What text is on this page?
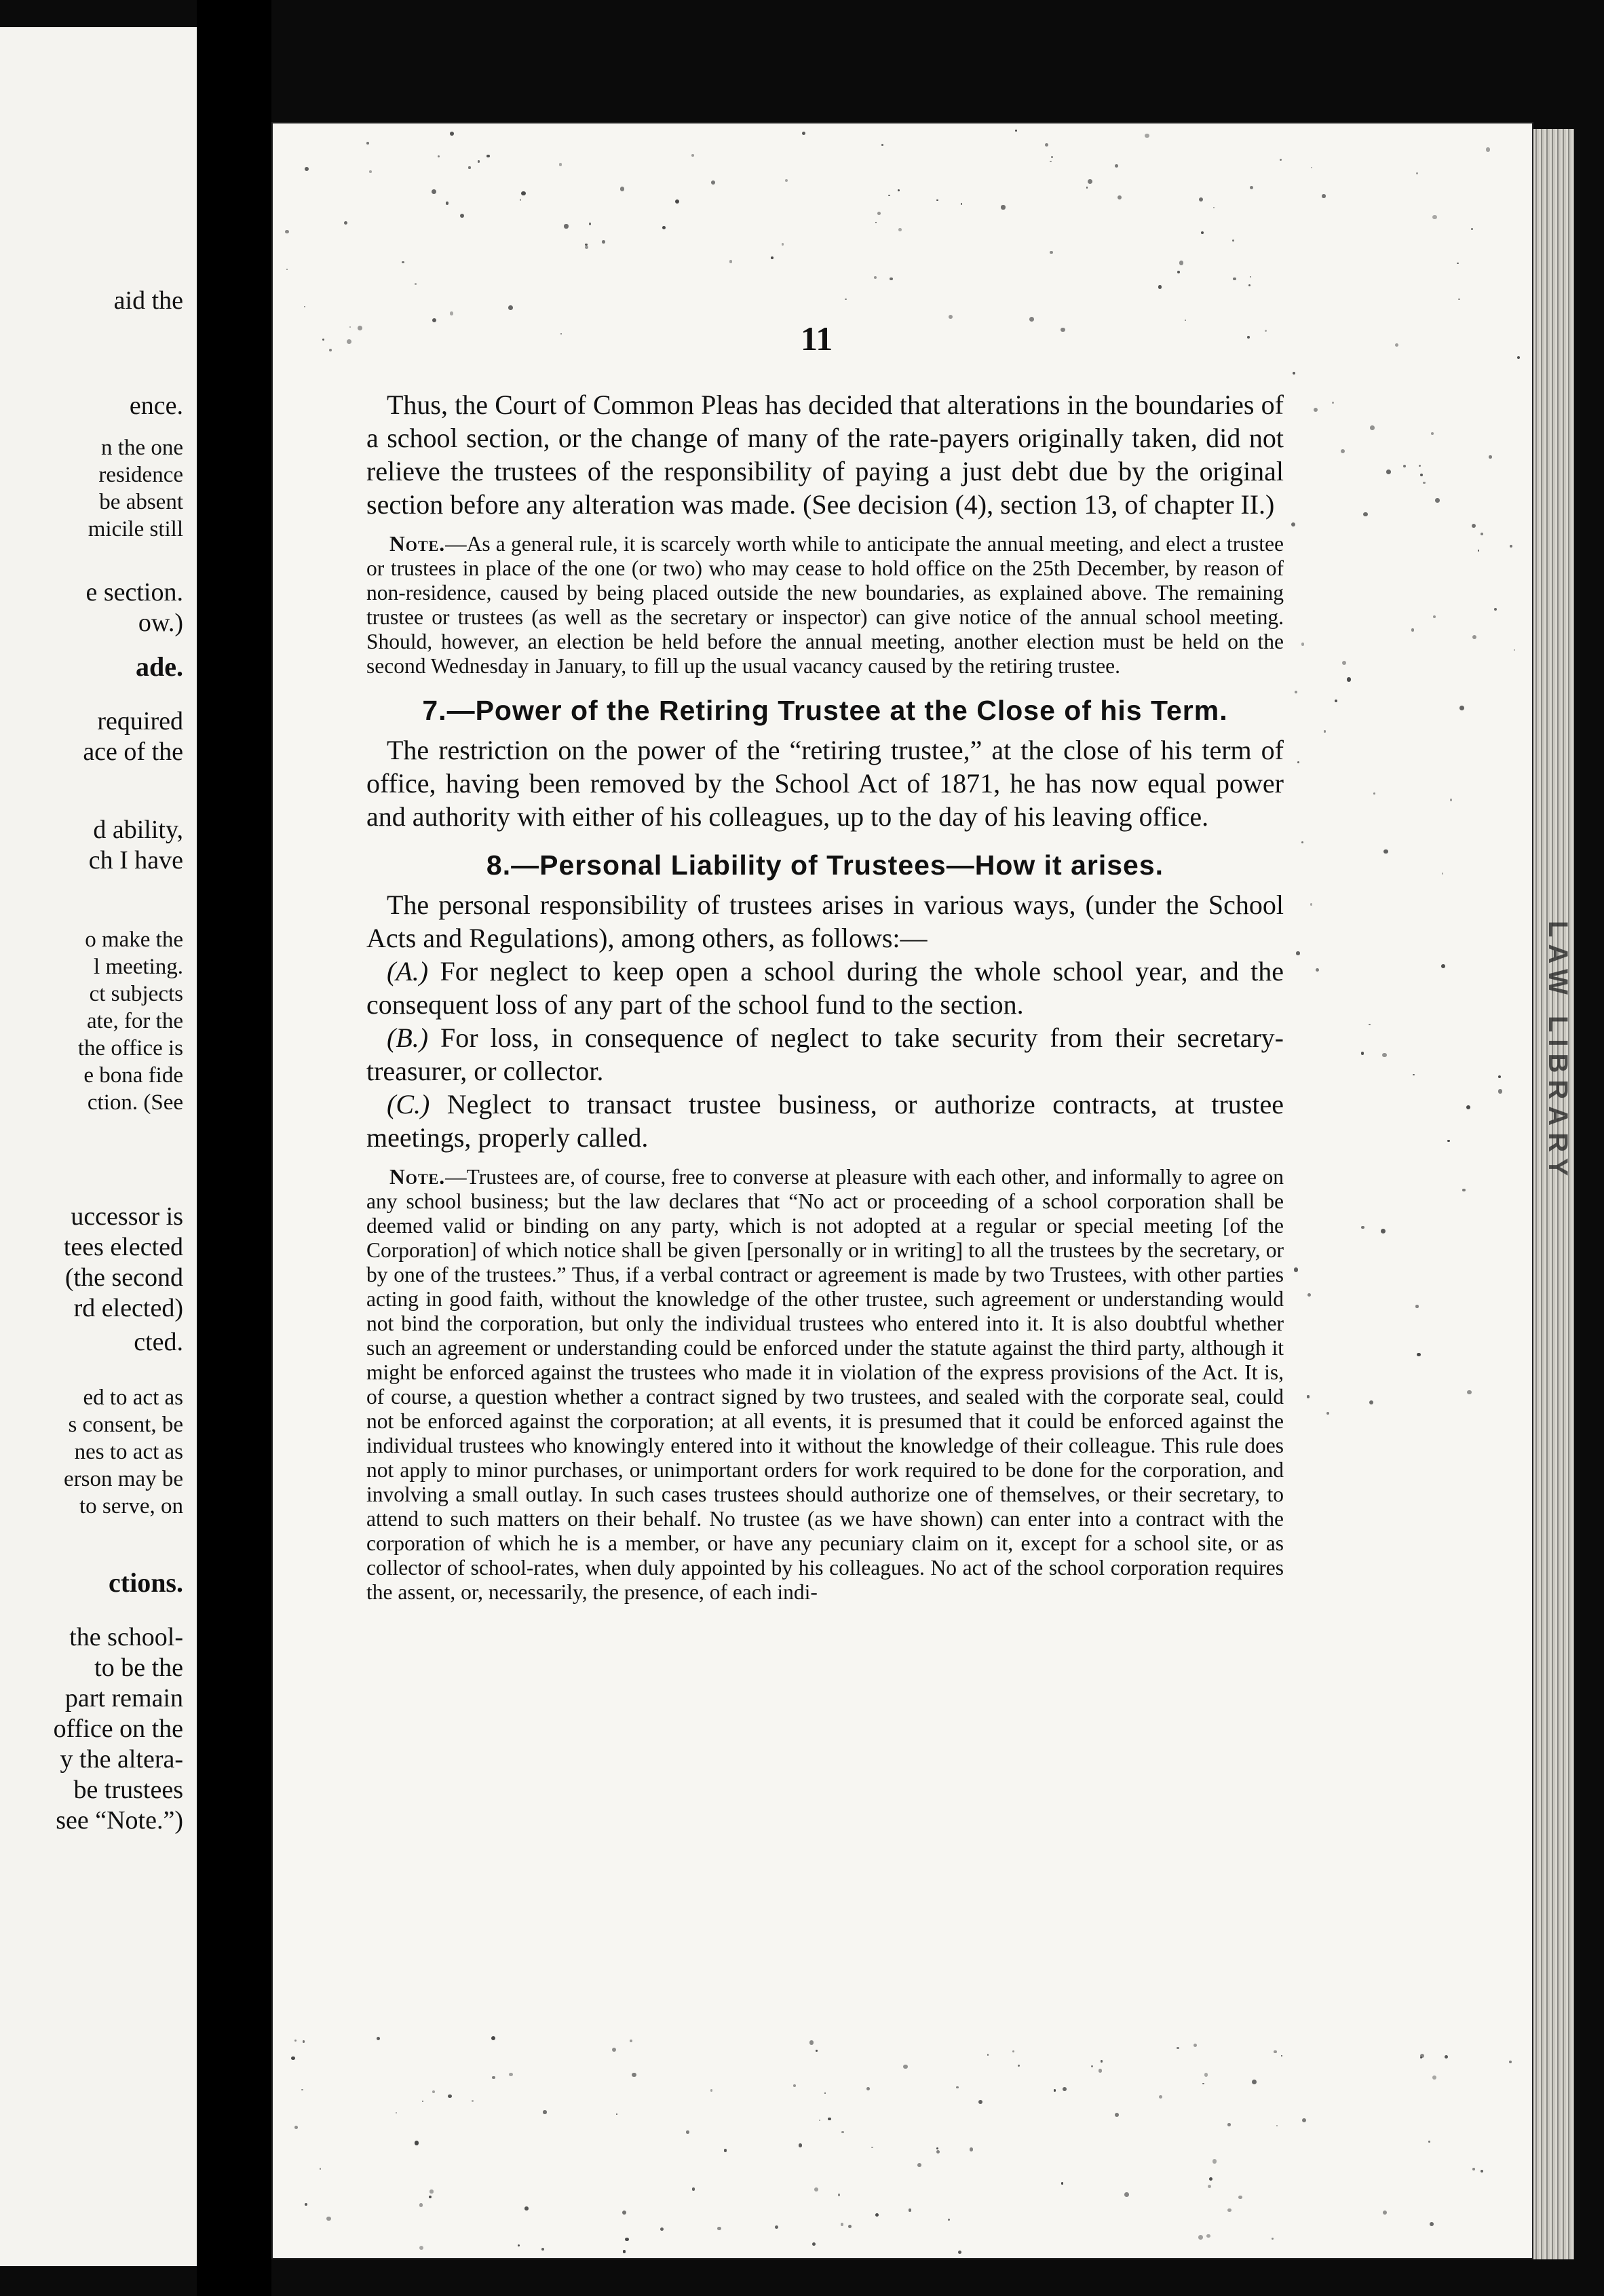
aid the
ence.
n the one
residence
be absent
micile still
e section.
ow.)
ade.
required
ace of the
d ability,
ch I have
o make the
l meeting.
ct subjects
ate, for the
the office is
e bona fide
ction. (See
uccessor is
tees elected
(the second
rd elected)
cted.
ed to act as
s consent, be
nes to act as
erson may be
to serve, on
ctions.
the school-
to be the
part remain
office on the
y the altera-
be trustees
see “Note.”)
LAW LIBRARY
11

Thus, the Court of Common Pleas has decided that alterations in the boundaries of a school section, or the change of many of the rate-payers originally taken, did not relieve the trustees of the responsibility of paying a just debt due by the original section before any alteration was made. (See decision (4), section 13, of chapter II.)

Note.—As a general rule, it is scarcely worth while to anticipate the annual meeting, and elect a trustee or trustees in place of the one (or two) who may cease to hold office on the 25th December, by reason of non-residence, caused by being placed outside the new boundaries, as explained above. The remaining trustee or trustees (as well as the secretary or inspector) can give notice of the annual school meeting. Should, however, an election be held before the annual meeting, another election must be held on the second Wednesday in January, to fill up the usual vacancy caused by the retiring trustee.

7.—Power of the Retiring Trustee at the Close of his Term.

The restriction on the power of the “retiring trustee,” at the close of his term of office, having been removed by the School Act of 1871, he has now equal power and authority with either of his colleagues, up to the day of his leaving office.

8.—Personal Liability of Trustees—How it arises.

The personal responsibility of trustees arises in various ways, (under the School Acts and Regulations), among others, as follows:—

(A.) For neglect to keep open a school during the whole school year, and the consequent loss of any part of the school fund to the section.

(B.) For loss, in consequence of neglect to take security from their secretary-treasurer, or collector.

(C.) Neglect to transact trustee business, or authorize contracts, at trustee meetings, properly called.

Note.—Trustees are, of course, free to converse at pleasure with each other, and informally to agree on any school business; but the law declares that “No act or proceeding of a school corporation shall be deemed valid or binding on any party, which is not adopted at a regular or special meeting [of the Corporation] of which notice shall be given [personally or in writing] to all the trustees by the secretary, or by one of the trustees.” Thus, if a verbal contract or agreement is made by two Trustees, with other parties acting in good faith, without the knowledge of the other trustee, such agreement or understanding would not bind the corporation, but only the individual trustees who entered into it. It is also doubtful whether such an agreement or understanding could be enforced under the statute against the third party, although it might be enforced against the trustees who made it in violation of the express provisions of the Act. It is, of course, a question whether a contract signed by two trustees, and sealed with the corporate seal, could not be enforced against the corporation; at all events, it is presumed that it could be enforced against the individual trustees who knowingly entered into it without the knowledge of their colleague. This rule does not apply to minor purchases, or unimportant orders for work required to be done for the corporation, and involving a small outlay. In such cases trustees should authorize one of themselves, or their secretary, to attend to such matters on their behalf. No trustee (as we have shown) can enter into a contract with the corporation of which he is a member, or have any pecuniary claim on it, except for a school site, or as collector of school-rates, when duly appointed by his colleagues. No act of the school corporation requires the assent, or, necessarily, the presence, of each indi-
